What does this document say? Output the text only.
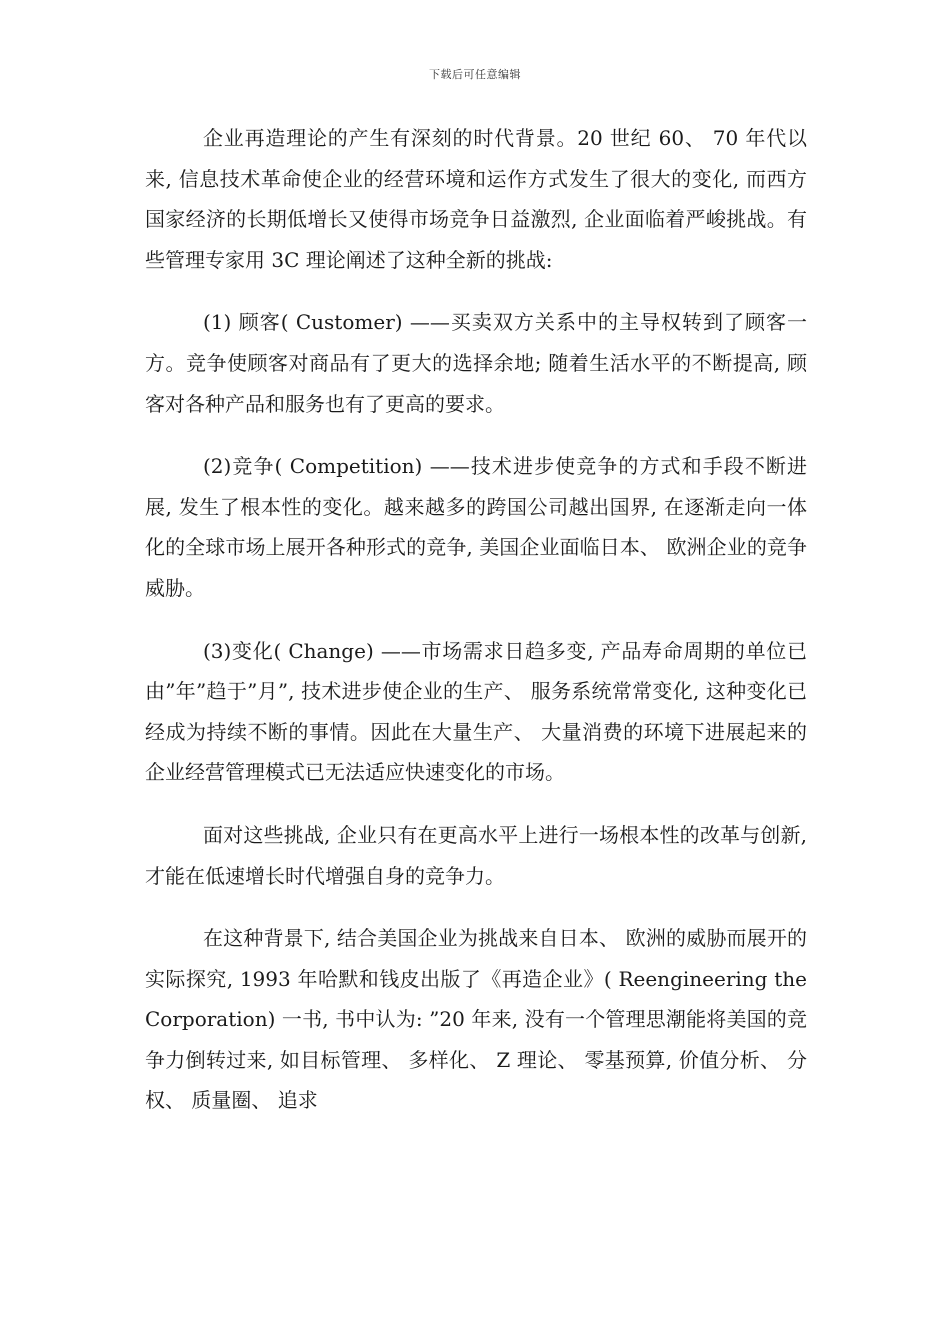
下载后可任意编辑

企业再造理论的产生有深刻的时代背景。20 世纪 60、 70 年代以来, 信息技术革命使企业的经营环境和运作方式发生了很大的变化, 而西方国家经济的长期低增长又使得市场竞争日益激烈, 企业面临着严峻挑战。有些管理专家用 3C 理论阐述了这种全新的挑战:

(1) 顾客( Customer) ——买卖双方关系中的主导权转到了顾客一方。竞争使顾客对商品有了更大的选择余地; 随着生活水平的不断提高, 顾客对各种产品和服务也有了更高的要求。

(2)竞争( Competition) ——技术进步使竞争的方式和手段不断进展, 发生了根本性的变化。越来越多的跨国公司越出国界, 在逐渐走向一体化的全球市场上展开各种形式的竞争, 美国企业面临日本、 欧洲企业的竞争威胁。

(3)变化( Change) ——市场需求日趋多变, 产品寿命周期的单位已由”年”趋于”月”, 技术进步使企业的生产、 服务系统常常变化, 这种变化已经成为持续不断的事情。因此在大量生产、 大量消费的环境下进展起来的企业经营管理模式已无法适应快速变化的市场。

面对这些挑战, 企业只有在更高水平上进行一场根本性的改革与创新, 才能在低速增长时代增强自身的竞争力。

在这种背景下, 结合美国企业为挑战来自日本、 欧洲的威胁而展开的实际探究, 1993 年哈默和钱皮出版了《再造企业》( Reengineering the Corporation) 一书, 书中认为: ”20 年来, 没有一个管理思潮能将美国的竞争力倒转过来, 如目标管理、 多样化、 Z 理论、 零基预算, 价值分析、 分权、 质量圈、 追求
